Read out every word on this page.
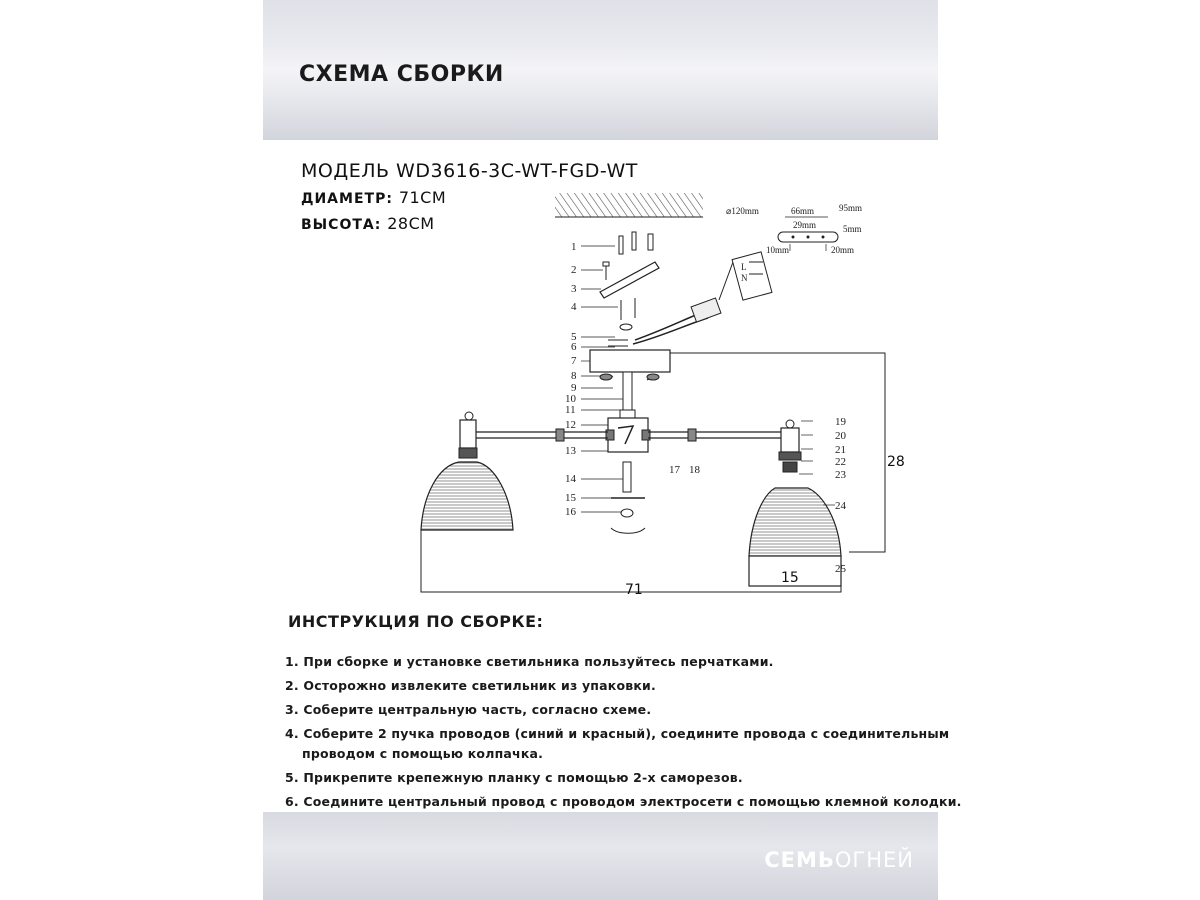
СХЕМА СБОРКИ
МОДЕЛЬ WD3616-3C-WT-FGD-WT
ДИАМЕТР: 71СМ
ВЫСОТА: 28СМ
L
N
⌀120mm	66mm	95mm
29mm	5mm
10mm	20mm
15
71
28
1
2
3
4
5
6
7
8
9
10
11
12
13
14
15
16
17 18
19
20
21
22
23
24
25
ИНСТРУКЦИЯ ПО СБОРКЕ:
1. При сборке и установке светильника пользуйтесь перчатками.
2. Осторожно извлеките светильник из упаковки.
3. Соберите центральную часть, согласно схеме.
4. Соберите 2 пучка проводов (синий и красный), соедините провода с соединительным
проводом с помощью колпачка.
5. Прикрепите крепежную планку с помощью 2-х саморезов.
6. Соедините центральный провод с проводом электросети с помощью клемной колодки.
СЕМЬОГНЕЙ
